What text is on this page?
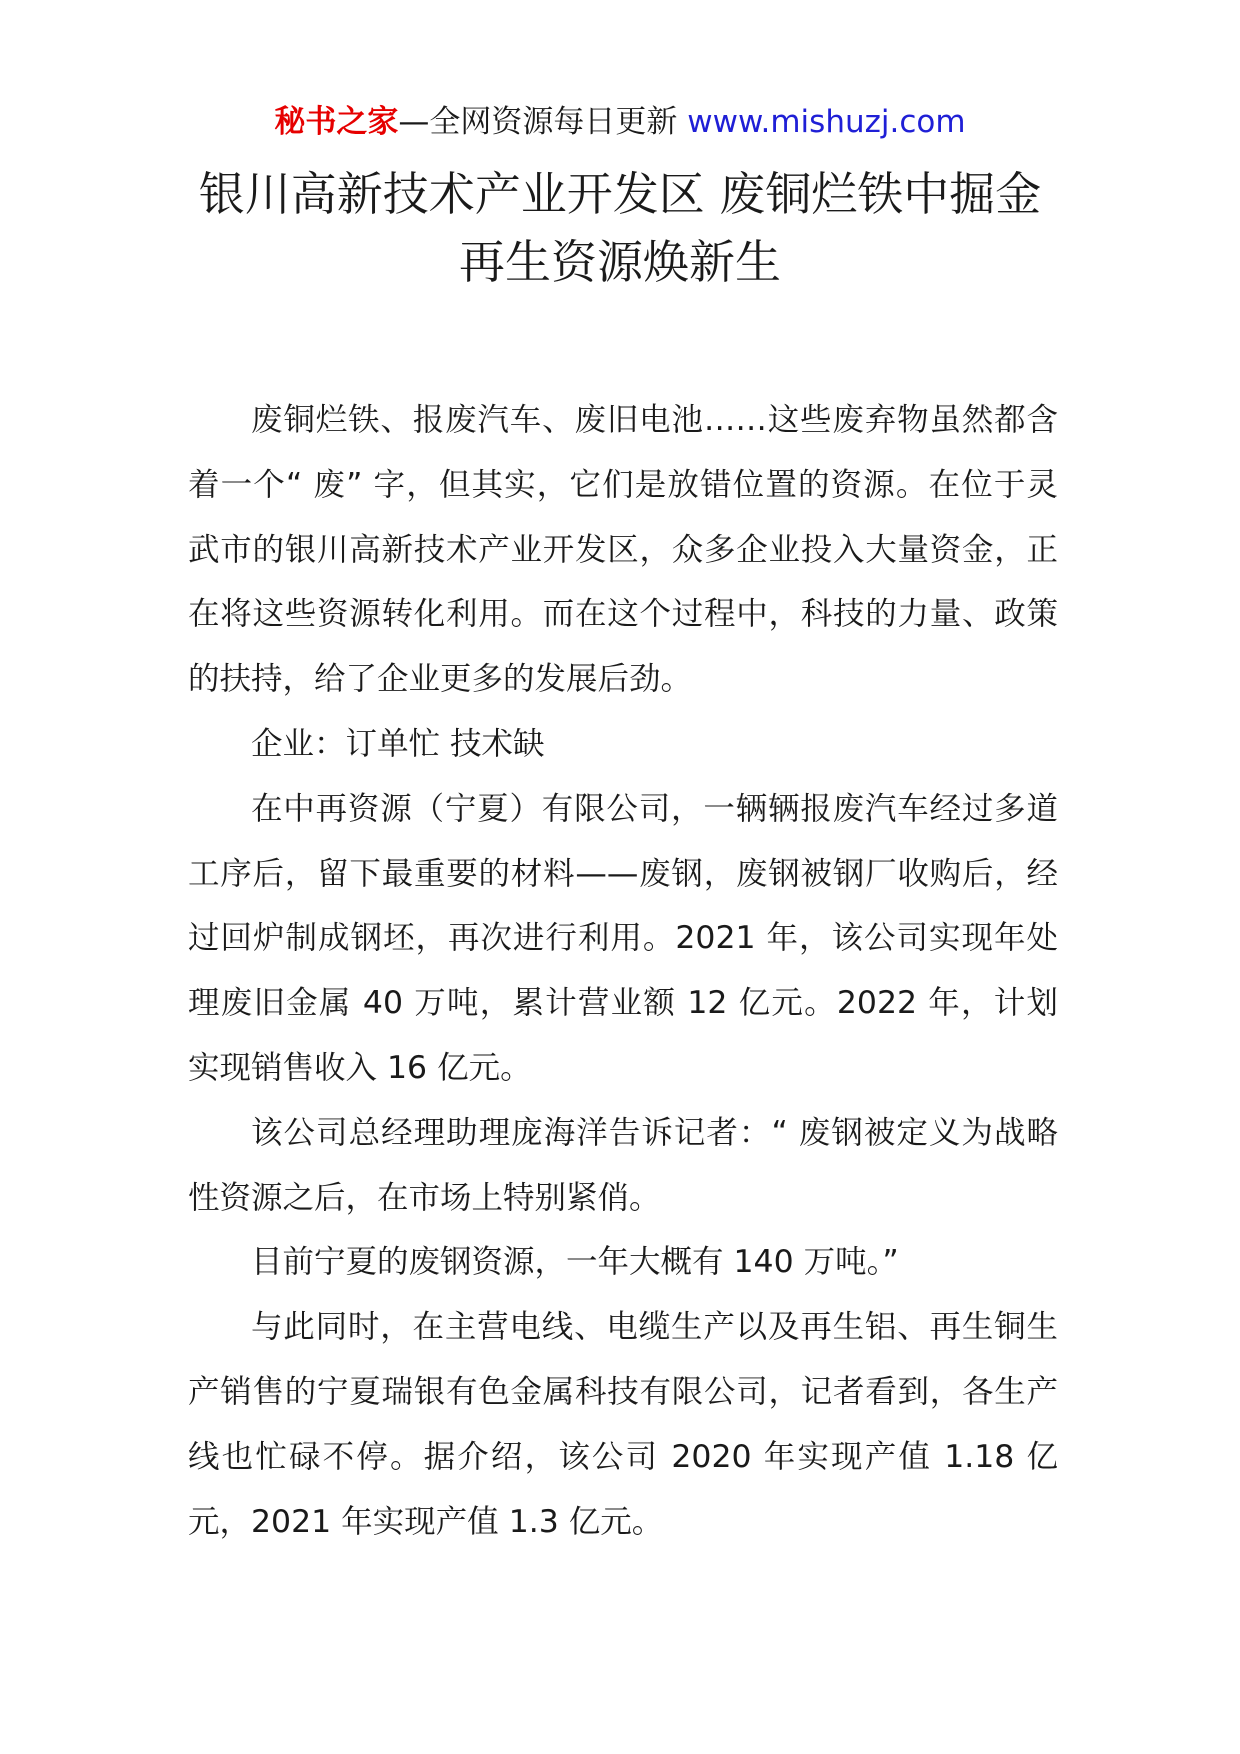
秘书之家—全网资源每日更新 www.mishuzj.com
银川高新技术产业开发区 废铜烂铁中掘金
再生资源焕新生

废铜烂铁、报废汽车、废旧电池……这些废弃物虽然都含着一个“ 废” 字，但其实，它们是放错位置的资源。在位于灵武市的银川高新技术产业开发区，众多企业投入大量资金，正在将这些资源转化利用。而在这个过程中，科技的力量、政策的扶持，给了企业更多的发展后劲。

企业：订单忙 技术缺

在中再资源（宁夏）有限公司，一辆辆报废汽车经过多道工序后，留下最重要的材料——废钢，废钢被钢厂收购后，经过回炉制成钢坯，再次进行利用。2021 年，该公司实现年处理废旧金属 40 万吨，累计营业额 12 亿元。2022 年，计划实现销售收入 16 亿元。

该公司总经理助理庞海洋告诉记者：“ 废钢被定义为战略性资源之后，在市场上特别紧俏。

目前宁夏的废钢资源，一年大概有 140 万吨。”

与此同时，在主营电线、电缆生产以及再生铝、再生铜生产销售的宁夏瑞银有色金属科技有限公司，记者看到，各生产线也忙碌不停。据介绍，该公司 2020 年实现产值 1.18 亿元，2021 年实现产值 1.3 亿元。
